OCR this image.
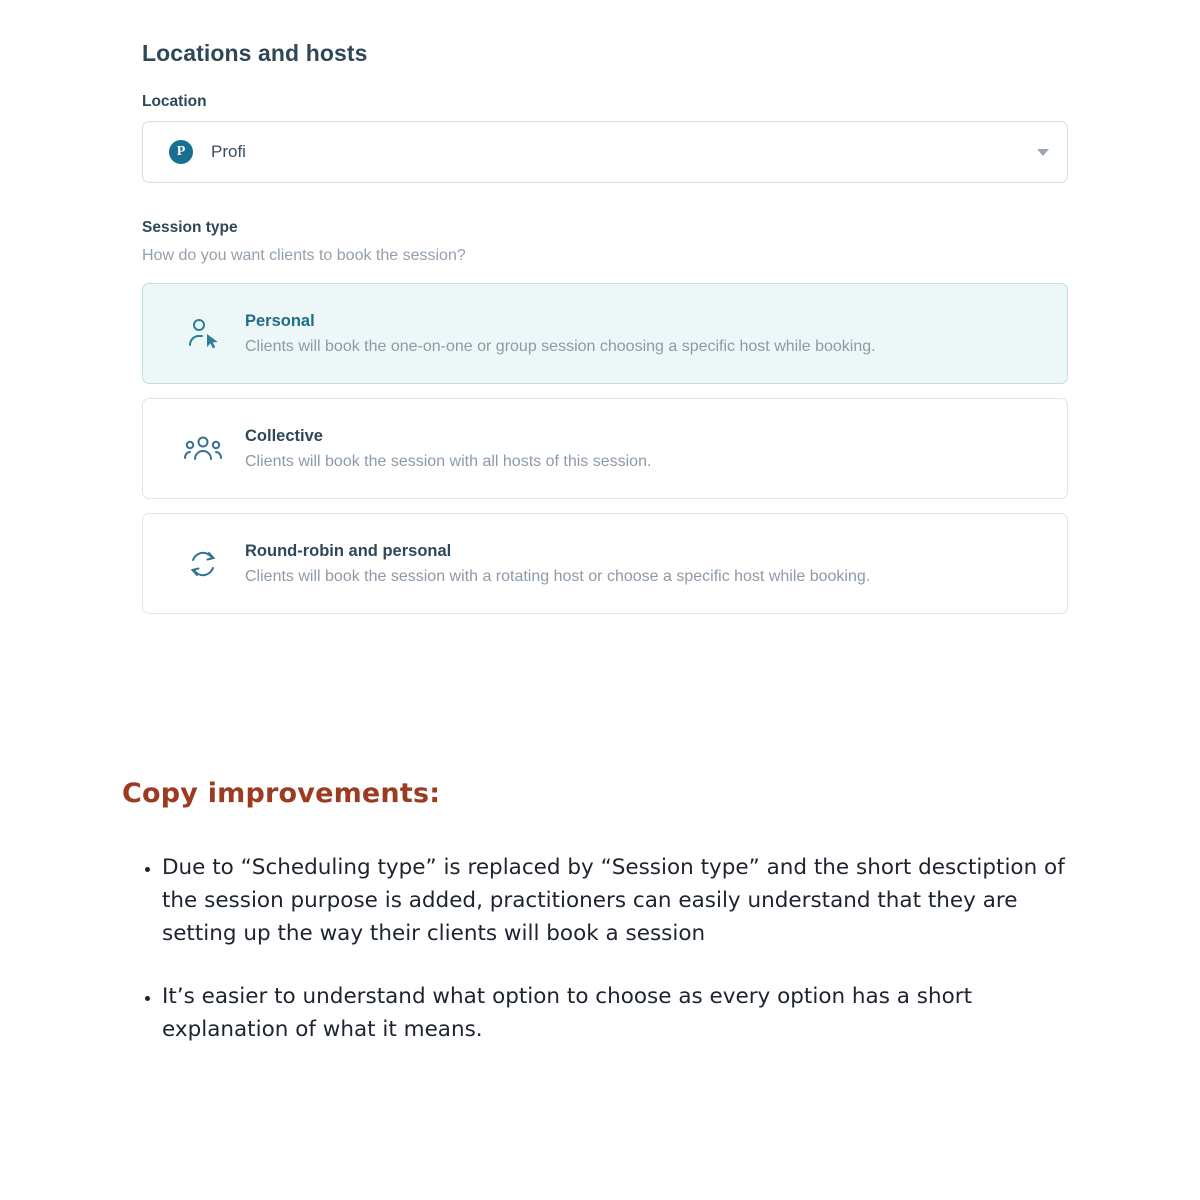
Locations and hosts
Location
P	Profi
Session type
How do you want clients to book the session?

Personal

Clients will book the one-on-one or group session choosing a specific host while booking.

Collective

Clients will book the session with all hosts of this session.

Round-robin and personal

Clients will book the session with a rotating host or choose a specific host while booking.

Copy improvements:
• Due to “Scheduling type” is replaced by “Session type” and the short desctiption of the session purpose is added, practitioners can easily understand that they are setting up the way their clients will book a session
• It’s easier to understand what option to choose as every option has a short explanation of what it means.
